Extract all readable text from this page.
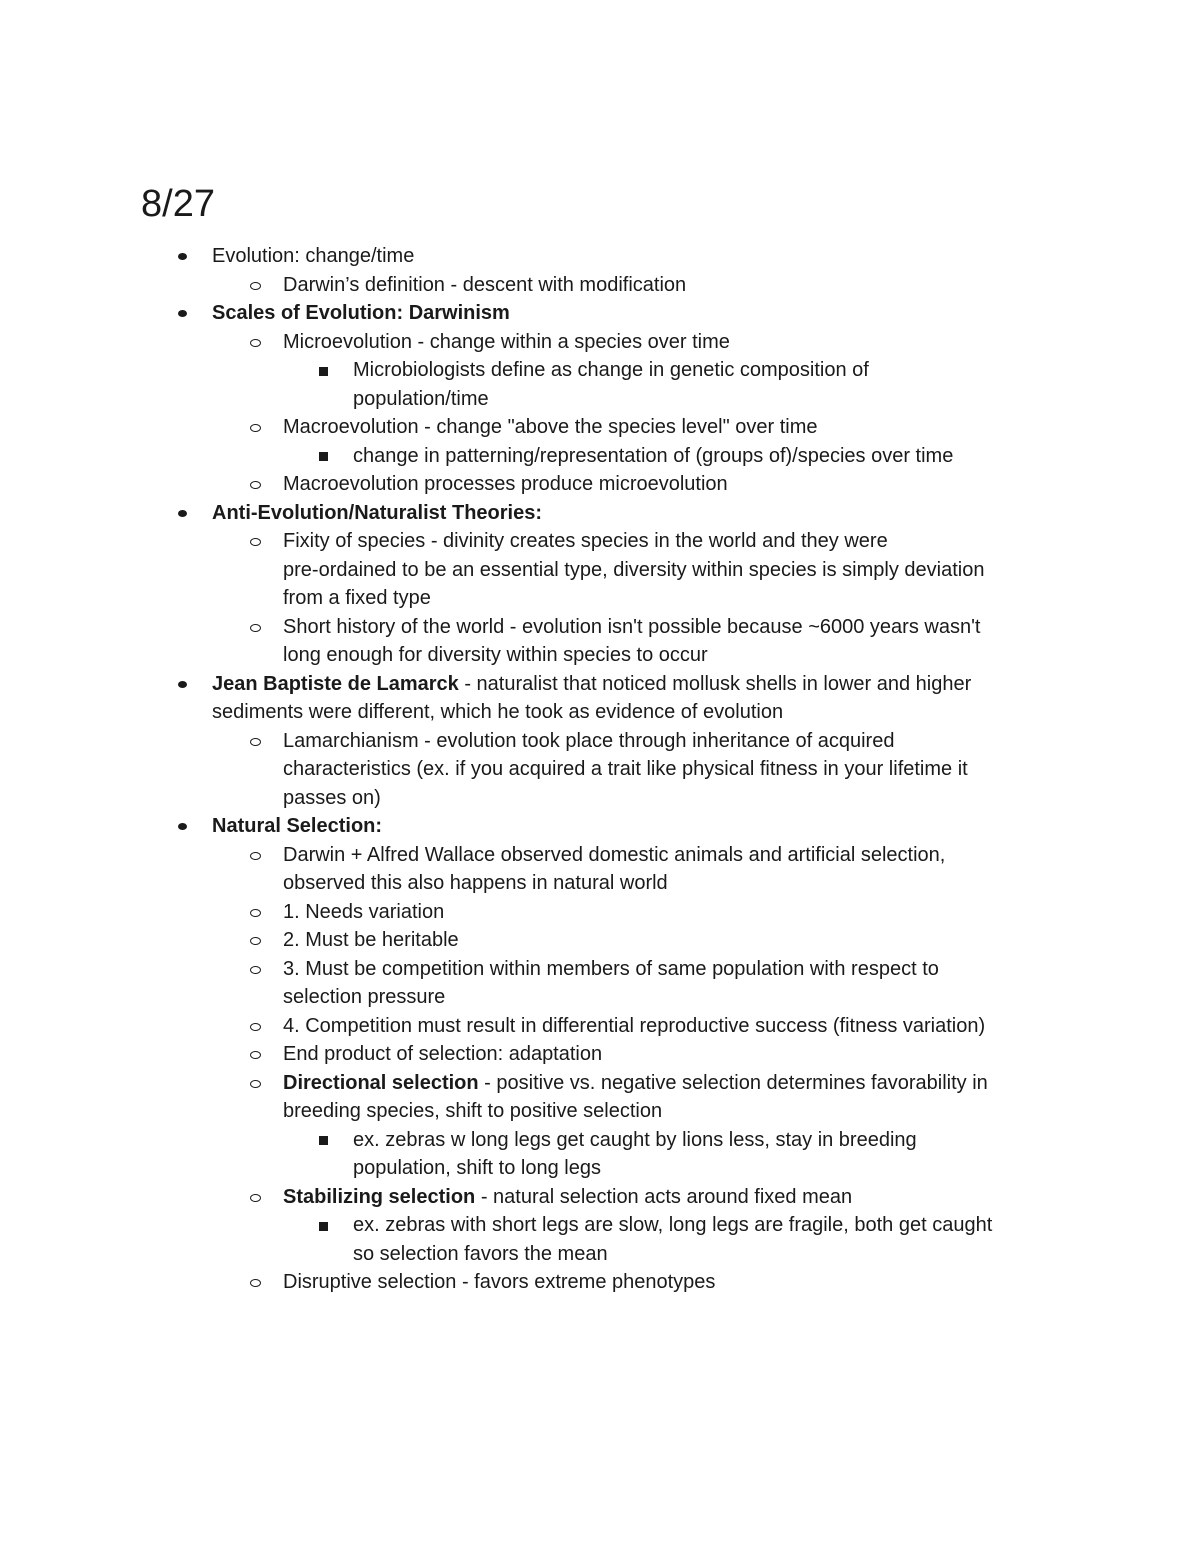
8/27
Evolution: change/time
Darwin’s definition - descent with modification
Scales of Evolution: Darwinism
Microevolution - change within a species over time
Microbiologists define as change in genetic composition of
population/time
Macroevolution - change "above the species level" over time
change in patterning/representation of (groups of)/species over time
Macroevolution processes produce microevolution
Anti-Evolution/Naturalist Theories:
Fixity of species - divinity creates species in the world and they were
pre-ordained to be an essential type, diversity within species is simply deviation
from a fixed type
Short history of the world - evolution isn't possible because ~6000 years wasn't
long enough for diversity within species to occur
Jean Baptiste de Lamarck - naturalist that noticed mollusk shells in lower and higher
sediments were different, which he took as evidence of evolution
Lamarchianism - evolution took place through inheritance of acquired
characteristics (ex. if you acquired a trait like physical fitness in your lifetime it
passes on)
Natural Selection:
Darwin + Alfred Wallace observed domestic animals and artificial selection,
observed this also happens in natural world
1. Needs variation
2. Must be heritable
3. Must be competition within members of same population with respect to
selection pressure
4. Competition must result in differential reproductive success (fitness variation)
End product of selection: adaptation
Directional selection - positive vs. negative selection determines favorability in
breeding species, shift to positive selection
ex. zebras w long legs get caught by lions less, stay in breeding
population, shift to long legs
Stabilizing selection - natural selection acts around fixed mean
ex. zebras with short legs are slow, long legs are fragile, both get caught
so selection favors the mean
Disruptive selection - favors extreme phenotypes
